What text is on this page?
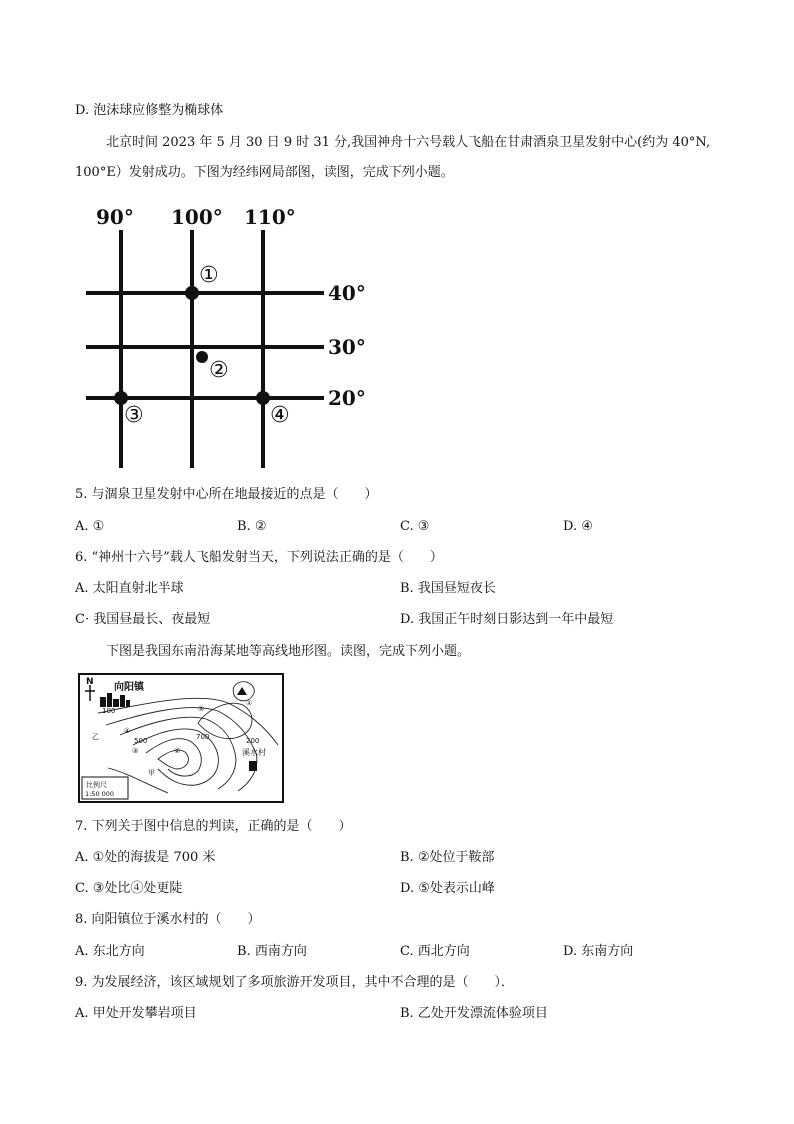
D. 泡沫球应修整为椭球体
北京时间 2023 年 5 月 30 日 9 时 31 分,我国神舟十六号载人飞船在甘肃酒泉卫星发射中心(约为 40°N,
100°E）发射成功。下图为经纬网局部图，读图，完成下列小题。
90° 100° 110°
40°
30°
20°
①
②
③	④
5. 与涸泉卫星发射中心所在地最接近的点是（　　）
A. ①	B. ②	C. ③	D. ④
6. “神州十六号”载人飞船发射当天，下列说法正确的是（　　）
A. 太阳直射北半球	B. 我国昼短夜长
C· 我国昼最长、夜最短	D. 我国正午时刻日影达到一年中最短
下图是我国东南沿海某地等高线地形图。读图，完成下列小题。
N 向阳镇
乙
甲
④
③
⑤
①
②
100
500	700	200
溪水村
比例尺
1:50 000
7. 下列关于图中信息的判读，正确的是（　　）
A. ①处的海拔是 700 米	B. ②处位于鞍部
C. ③处比④处更陡	D. ⑤处表示山峰
8. 向阳镇位于溪水村的（　　）
A. 东北方向	B. 西南方向	C. 西北方向	D. 东南方向
9. 为发展经济，该区域规划了多项旅游开发项目，其中不合理的是（　　）．
A. 甲处开发攀岩项目	B. 乙处开发漂流体验项目
